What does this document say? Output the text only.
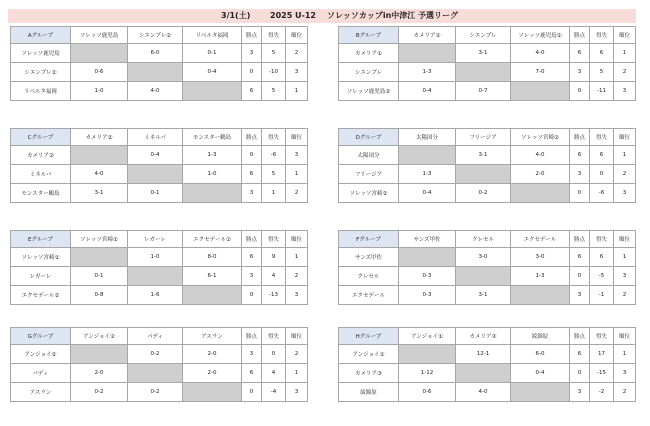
3/1(土) 2025 U-12 ソレッソカップin中津江 予選リーグ
Aグループ	ソレッソ鹿児島	シエンプレ②	リベルタ福岡	勝点	得失	順位
ソレッソ鹿児島		6-0	0-1	3	5	2
シエンプレ②	0-6		0-4	0	-10	3
リベルタ福岡	1-0	4-0		6	5	1
Bグループ	カメリア①	シエンプレ	ソレッソ鹿児島②	勝点	得失	順位
カメリア①		3-1	4-0	6	6	1
シエンプレ	1-3		7-0	3	5	2
ソレッソ鹿児島②	0-4	0-7		0	-11	3
Cグループ	カメリア②	ミネルバ	モンスター鶴島	勝点	得失	順位
カメリア②		0-4	1-3	0	-6	3
ミネルバ	4-0		1-0	6	5	1
モンスター鶴島	3-1	0-1		3	1	2
Dグループ	太陽国分	フリージア	ソレッソ宮崎②	勝点	得失	順位
太陽国分		3-1	4-0	6	6	1
フリージア	1-3		2-0	3	0	2
ソレッソ宮崎②	0-4	0-2		0	-6	3
Eグループ	ソレッソ宮崎①	レガーレ	エクセデール②	勝点	得失	順位
ソレッソ宮崎①		1-0	8-0	6	9	1
レガーレ	0-1		6-1	3	4	2
エクセデール②	0-8	1-6		0	-13	3
Fグループ	サンズ甲佐	クレセル	エクセデール	勝点	得失	順位
サンズ甲佐		3-0	3-0	6	6	1
クレセル	0-3		1-3	0	-5	3
エクセデール	0-3	3-1		3	-1	2
Gグループ	アンジョイ②	バディ	アスラン	勝点	得失	順位
アンジョイ②		0-2	2-0	3	0	2
バディ	2-0		2-0	6	4	1
アスラン	0-2	0-2		0	-4	3
Hグループ	アンジョイ①	カメリア③	綾錦原	勝点	得失	順位
アンジョイ①		12-1	6-0	6	17	1
カメリア③	1-12		0-4	0	-15	3
綾錦原	0-6	4-0		3	-2	2
